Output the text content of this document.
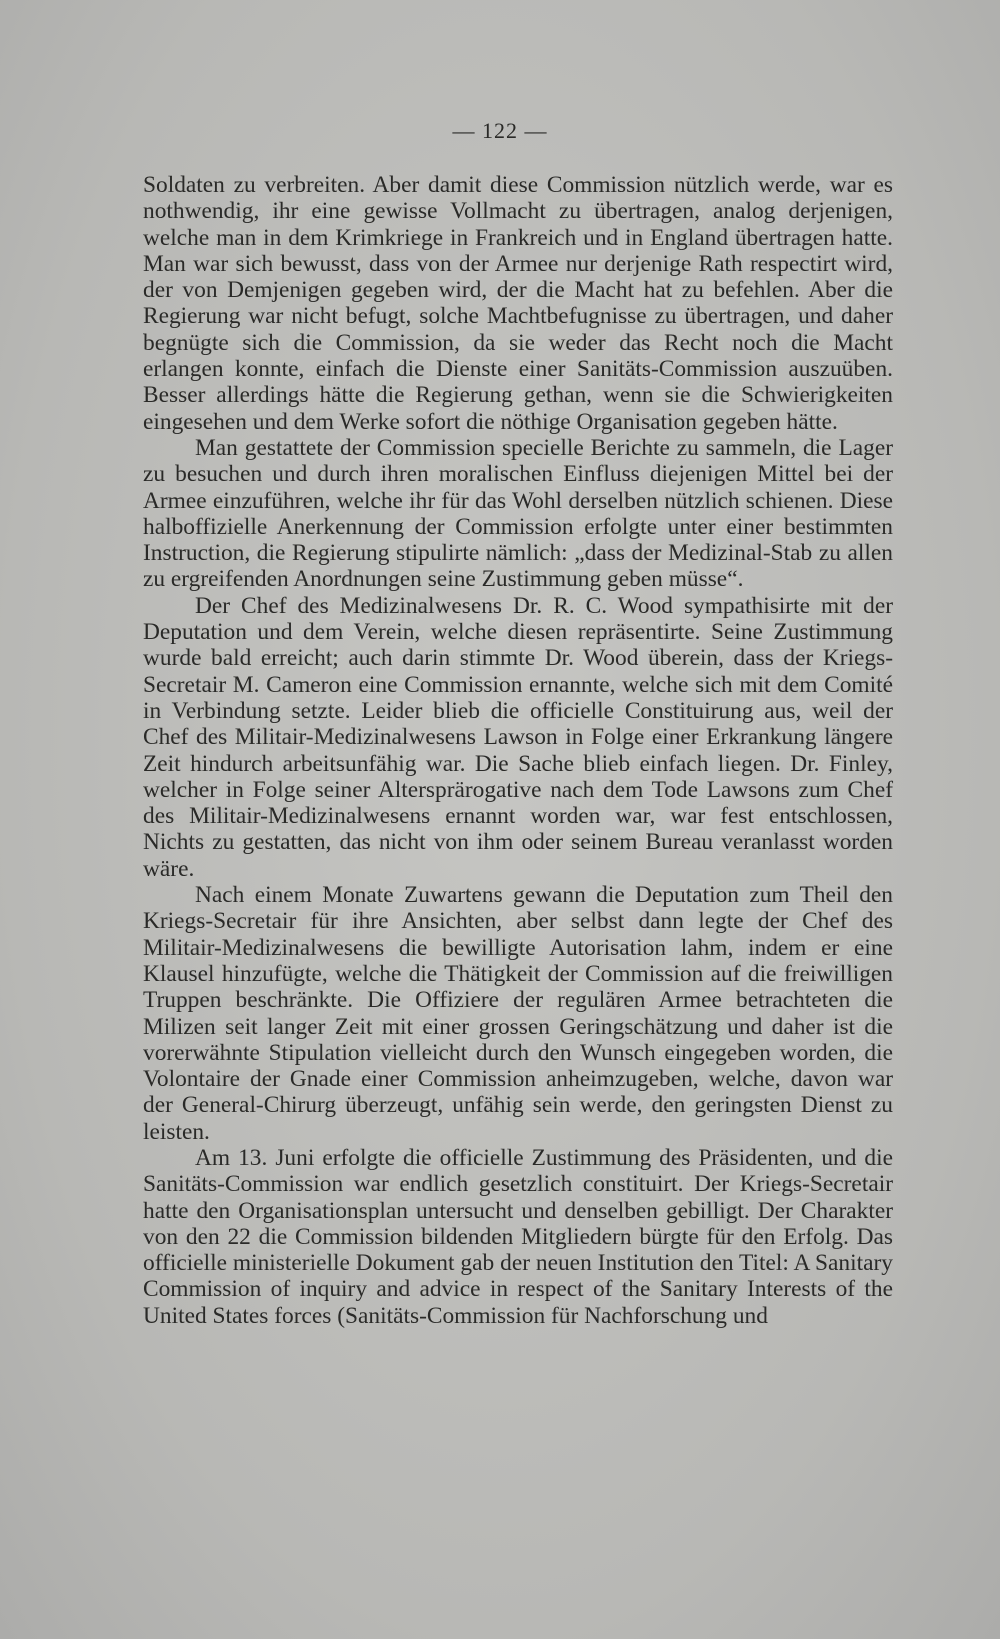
— 122 —

Soldaten zu verbreiten. Aber damit diese Commission nützlich werde, war es nothwendig, ihr eine gewisse Vollmacht zu übertragen, analog derjenigen, welche man in dem Krimkriege in Frankreich und in England übertragen hatte. Man war sich bewusst, dass von der Armee nur derjenige Rath respectirt wird, der von Demjenigen gegeben wird, der die Macht hat zu befehlen. Aber die Regierung war nicht befugt, solche Machtbefugnisse zu übertragen, und daher begnügte sich die Commission, da sie weder das Recht noch die Macht erlangen konnte, einfach die Dienste einer Sanitäts-Commission auszuüben. Besser allerdings hätte die Regierung gethan, wenn sie die Schwierigkeiten eingesehen und dem Werke sofort die nöthige Organisation gegeben hätte.

Man gestattete der Commission specielle Berichte zu sammeln, die Lager zu besuchen und durch ihren moralischen Einfluss diejenigen Mittel bei der Armee einzuführen, welche ihr für das Wohl derselben nützlich schienen. Diese halboffizielle Anerkennung der Commission erfolgte unter einer bestimmten Instruction, die Regierung stipulirte nämlich: „dass der Medizinal-Stab zu allen zu ergreifenden Anordnungen seine Zustimmung geben müsse“.

Der Chef des Medizinalwesens Dr. R. C. Wood sympathisirte mit der Deputation und dem Verein, welche diesen repräsentirte. Seine Zustimmung wurde bald erreicht; auch darin stimmte Dr. Wood überein, dass der Kriegs-Secretair M. Cameron eine Commission ernannte, welche sich mit dem Comité in Verbindung setzte. Leider blieb die officielle Constituirung aus, weil der Chef des Militair-Medizinalwesens Lawson in Folge einer Erkrankung längere Zeit hindurch arbeitsunfähig war. Die Sache blieb einfach liegen. Dr. Finley, welcher in Folge seiner Altersprärogative nach dem Tode Lawsons zum Chef des Militair-Medizinalwesens ernannt worden war, war fest entschlossen, Nichts zu gestatten, das nicht von ihm oder seinem Bureau veranlasst worden wäre.

Nach einem Monate Zuwartens gewann die Deputation zum Theil den Kriegs-Secretair für ihre Ansichten, aber selbst dann legte der Chef des Militair-Medizinalwesens die bewilligte Autorisation lahm, indem er eine Klausel hinzufügte, welche die Thätigkeit der Commission auf die freiwilligen Truppen beschränkte. Die Offiziere der regulären Armee betrachteten die Milizen seit langer Zeit mit einer grossen Geringschätzung und daher ist die vorerwähnte Stipulation vielleicht durch den Wunsch eingegeben worden, die Volontaire der Gnade einer Commission anheimzugeben, welche, davon war der General-Chirurg überzeugt, unfähig sein werde, den geringsten Dienst zu leisten.

Am 13. Juni erfolgte die officielle Zustimmung des Präsidenten, und die Sanitäts-Commission war endlich gesetzlich constituirt. Der Kriegs-Secretair hatte den Organisationsplan untersucht und denselben gebilligt. Der Charakter von den 22 die Commission bildenden Mitgliedern bürgte für den Erfolg. Das officielle ministerielle Dokument gab der neuen Institution den Titel: A Sanitary Commission of inquiry and advice in respect of the Sanitary Interests of the United States forces (Sanitäts-Commission für Nachforschung und
